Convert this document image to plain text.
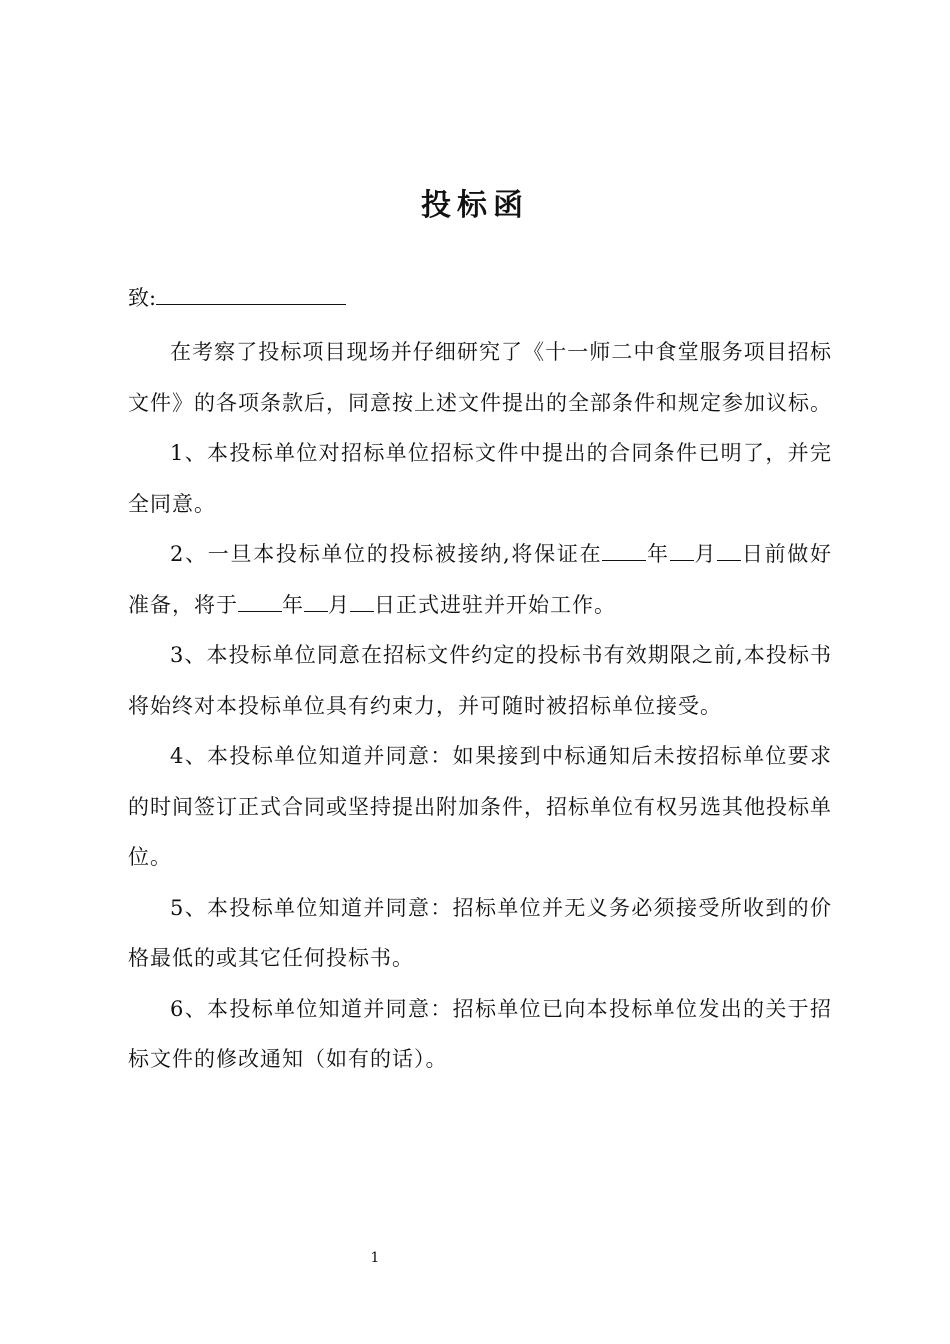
投标函
致:

在考察了投标项目现场并仔细研究了《十一师二中食堂服务项目招标文件》的各项条款后，同意按上述文件提出的全部条件和规定参加议标。

1、本投标单位对招标单位招标文件中提出的合同条件已明了，并完全同意。

2、一旦本投标单位的投标被接纳,将保证在 年 月 日前做好准备，将于 年 月 日正式进驻并开始工作。

3、本投标单位同意在招标文件约定的投标书有效期限之前,本投标书将始终对本投标单位具有约束力，并可随时被招标单位接受。

4、本投标单位知道并同意：如果接到中标通知后未按招标单位要求的时间签订正式合同或坚持提出附加条件，招标单位有权另选其他投标单位。

5、本投标单位知道并同意：招标单位并无义务必须接受所收到的价格最低的或其它任何投标书。

6、本投标单位知道并同意：招标单位已向本投标单位发出的关于招标文件的修改通知（如有的话）。

1
